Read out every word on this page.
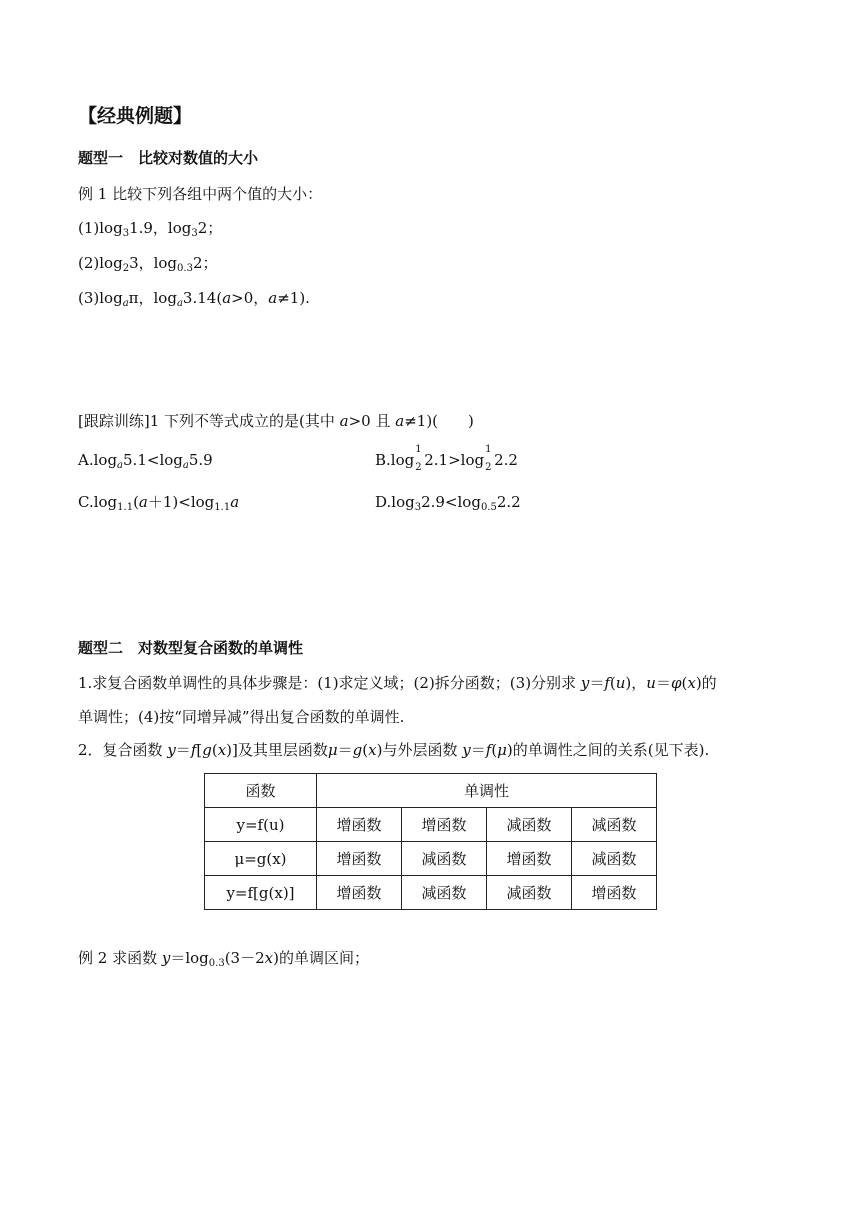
【经典例题】
题型一　比较对数值的大小
例 1 比较下列各组中两个值的大小：
$(1)\log_31.9$，$\log_32$；
$(2)\log_23$，$\log_{0.3}2$；
$(3)\log_a\pi$，$\log_a3.14(a>0$，a≠1).
[跟踪训练]1 下列不等式成立的是(其中 a>0 且 a≠1)(　　)
$A.\log_a5.1<\log_a5.9$	B.log
1
2 2.1>log
1
2 2.2
$C.\log_{1.1}(a+1)<\log_{1.1}a$	$D.\log_32.9<\log_{0.5}2.2$
题型二　对数型复合函数的单调性
1.求复合函数单调性的具体步骤是：(1)求定义域；(2)拆分函数；(3)分别求 y＝f(u)，u＝φ(x)的
单调性；(4)按“同增异减”得出复合函数的单调性.
2．复合函数 y＝f[g(x)]及其里层函数μ＝g(x)与外层函数 y＝f(μ)的单调性之间的关系(见下表).
函数	单调性			
y=f(u)	增函数	增函数	减函数	减函数
μ=g(x)	增函数	减函数	增函数	减函数
y=f[g(x)]	增函数	减函数	减函数	增函数
例 2 求函数 $y=\log_{0.3}(3-2x)$的单调区间；
